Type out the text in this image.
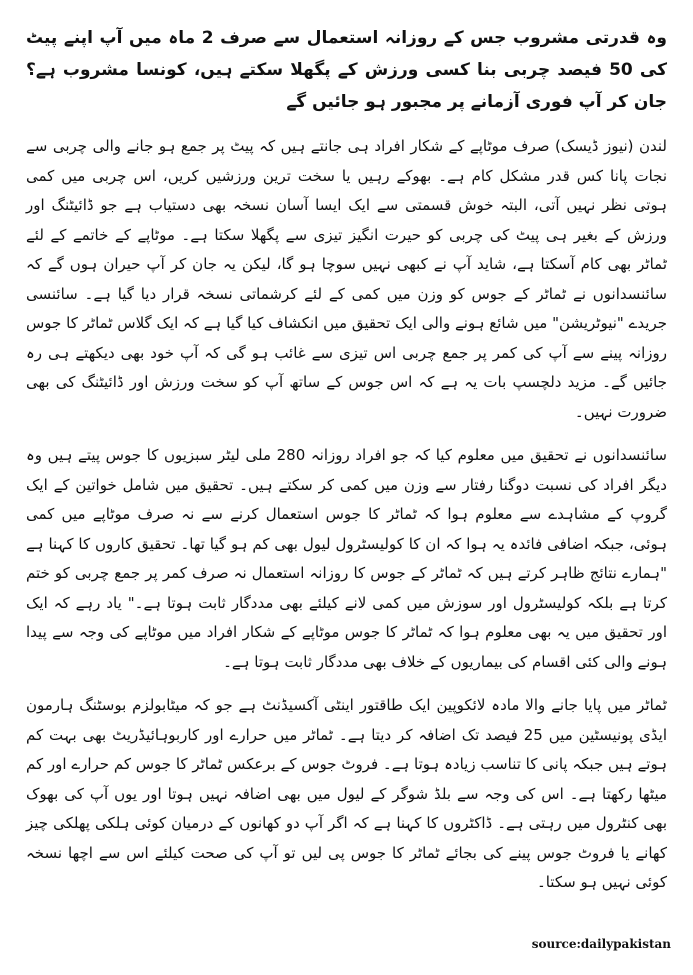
وہ قدرتی مشروب جس کے روزانہ استعمال سے صرف 2 ماہ میں آپ اپنے پیٹ کی 50 فیصد چربی بنا کسی ورزش کے پگھلا سکتے ہیں، کونسا مشروب ہے؟ جان کر آپ فوری آزمانے پر مجبور ہو جائیں گے

لندن (نیوز ڈیسک) صرف موٹاپے کے شکار افراد ہی جانتے ہیں کہ پیٹ پر جمع ہو جانے والی چربی سے نجات پانا کس قدر مشکل کام ہے۔ بھوکے رہیں یا سخت ترین ورزشیں کریں، اس چربی میں کمی ہوتی نظر نہیں آتی، البتہ خوش قسمتی سے ایک ایسا آسان نسخہ بھی دستیاب ہے جو ڈائیٹنگ اور ورزش کے بغیر ہی پیٹ کی چربی کو حیرت انگیز تیزی سے پگھلا سکتا ہے۔ موٹاپے کے خاتمے کے لئے ٹماٹر بھی کام آسکتا ہے، شاید آپ نے کبھی نہیں سوچا ہو گا، لیکن یہ جان کر آپ حیران ہوں گے کہ سائنسدانوں نے ٹماٹر کے جوس کو وزن میں کمی کے لئے کرشماتی نسخہ قرار دیا گیا ہے۔ سائنسی جریدے "نیوٹریشن" میں شائع ہونے والی ایک تحقیق میں انکشاف کیا گیا ہے کہ ایک گلاس ٹماٹر کا جوس روزانہ پینے سے آپ کی کمر پر جمع چربی اس تیزی سے غائب ہو گی کہ آپ خود بھی دیکھتے ہی رہ جائیں گے۔ مزید دلچسپ بات یہ ہے کہ اس جوس کے ساتھ آپ کو سخت ورزش اور ڈائیٹنگ کی بھی ضرورت نہیں۔

سائنسدانوں نے تحقیق میں معلوم کیا کہ جو افراد روزانہ 280 ملی لیٹر سبزیوں کا جوس پیتے ہیں وہ دیگر افراد کی نسبت دوگنا رفتار سے وزن میں کمی کر سکتے ہیں۔ تحقیق میں شامل خواتین کے ایک گروپ کے مشاہدے سے معلوم ہوا کہ ٹماٹر کا جوس استعمال کرنے سے نہ صرف موٹاپے میں کمی ہوئی، جبکہ اضافی فائدہ یہ ہوا کہ ان کا کولیسٹرول لیول بھی کم ہو گیا تھا۔ تحقیق کاروں کا کہنا ہے "ہمارے نتائج ظاہر کرتے ہیں کہ ٹماٹر کے جوس کا روزانہ استعمال نہ صرف کمر پر جمع چربی کو ختم کرتا ہے بلکہ کولیسٹرول اور سوزش میں کمی لانے کیلئے بھی مددگار ثابت ہوتا ہے۔" یاد رہے کہ ایک اور تحقیق میں یہ بھی معلوم ہوا کہ ٹماٹر کا جوس موٹاپے کے شکار افراد میں موٹاپے کی وجہ سے پیدا ہونے والی کئی اقسام کی بیماریوں کے خلاف بھی مددگار ثابت ہوتا ہے۔

ٹماٹر میں پایا جانے والا مادہ لائکوپین ایک طاقتور اینٹی آکسیڈنٹ ہے جو کہ میٹابولزم بوسٹنگ ہارمون ایڈی پونیسٹین میں 25 فیصد تک اضافہ کر دیتا ہے۔ ٹماٹر میں حرارے اور کاربوہائیڈریٹ بھی بہت کم ہوتے ہیں جبکہ پانی کا تناسب زیادہ ہوتا ہے۔ فروٹ جوس کے برعکس ٹماٹر کا جوس کم حرارے اور کم میٹھا رکھتا ہے۔ اس کی وجہ سے بلڈ شوگر کے لیول میں بھی اضافہ نہیں ہوتا اور یوں آپ کی بھوک بھی کنٹرول میں رہتی ہے۔ ڈاکٹروں کا کہنا ہے کہ اگر آپ دو کھانوں کے درمیان کوئی ہلکی پھلکی چیز کھانے یا فروٹ جوس پینے کی بجائے ٹماٹر کا جوس پی لیں تو آپ کی صحت کیلئے اس سے اچھا نسخہ کوئی نہیں ہو سکتا۔

source:dailypakistan
